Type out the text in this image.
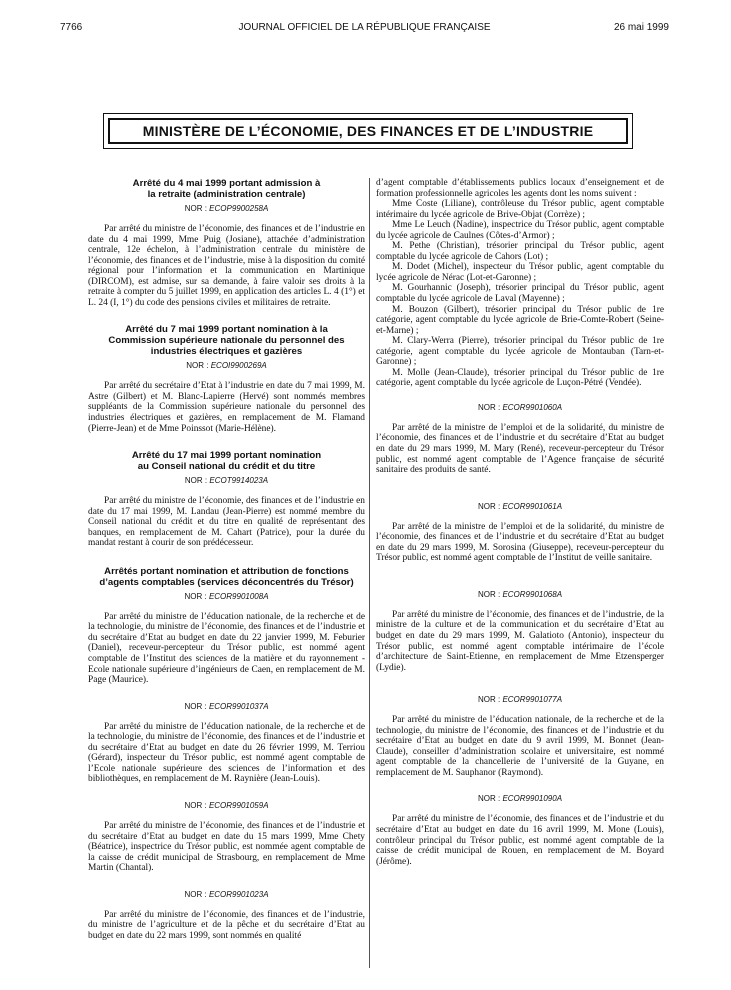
7766	JOURNAL OFFICIEL DE LA RÉPUBLIQUE FRANÇAISE	26 mai 1999
MINISTÈRE DE L’ÉCONOMIE, DES FINANCES ET DE L’INDUSTRIE
Arrêté du 4 mai 1999 portant admission à la retraite (administration centrale)
NOR : ECOP9900258A

Par arrêté du ministre de l’économie, des finances et de l’industrie en date du 4 mai 1999, Mme Puig (Josiane), attachée d’administration centrale, 12e échelon, à l’administration centrale du ministère de l’économie, des finances et de l’industrie, mise à la disposition du comité régional pour l’information et la communication en Martinique (DIRCOM), est admise, sur sa demande, à faire valoir ses droits à la retraite à compter du 5 juillet 1999, en application des articles L. 4 (1°) et L. 24 (I, 1°) du code des pensions civiles et militaires de retraite.

Arrêté du 7 mai 1999 portant nomination à la Commission supérieure nationale du personnel des industries électriques et gazières
NOR : ECOI9900269A

Par arrêté du secrétaire d’Etat à l’industrie en date du 7 mai 1999, M. Astre (Gilbert) et M. Blanc-Lapierre (Hervé) sont nommés membres suppléants de la Commission supérieure nationale du personnel des industries électriques et gazières, en remplacement de M. Flamand (Pierre-Jean) et de Mme Poinssot (Marie-Hélène).

Arrêté du 17 mai 1999 portant nomination au Conseil national du crédit et du titre
NOR : ECOT9914023A

Par arrêté du ministre de l’économie, des finances et de l’industrie en date du 17 mai 1999, M. Landau (Jean-Pierre) est nommé membre du Conseil national du crédit et du titre en qualité de représentant des banques, en remplacement de M. Cahart (Patrice), pour la durée du mandat restant à courir de son prédécesseur.

Arrêtés portant nomination et attribution de fonctions d’agents comptables (services déconcentrés du Trésor)
NOR : ECOR9901008A

Par arrêté du ministre de l’éducation nationale, de la recherche et de la technologie, du ministre de l’économie, des finances et de l’industrie et du secrétaire d’Etat au budget en date du 22 janvier 1999, M. Feburier (Daniel), receveur-percepteur du Trésor public, est nommé agent comptable de l’Institut des sciences de la matière et du rayonnement - Ecole nationale supérieure d’ingénieurs de Caen, en remplacement de M. Page (Maurice).

NOR : ECOR9901037A

Par arrêté du ministre de l’éducation nationale, de la recherche et de la technologie, du ministre de l’économie, des finances et de l’industrie et du secrétaire d’Etat au budget en date du 26 février 1999, M. Terriou (Gérard), inspecteur du Trésor public, est nommé agent comptable de l’Ecole nationale supérieure des sciences de l’information et des bibliothèques, en remplacement de M. Raynière (Jean-Louis).

NOR : ECOR9901059A

Par arrêté du ministre de l’économie, des finances et de l’industrie et du secrétaire d’Etat au budget en date du 15 mars 1999, Mme Chety (Béatrice), inspectrice du Trésor public, est nommée agent comptable de la caisse de crédit municipal de Strasbourg, en remplacement de Mme Martin (Chantal).

NOR : ECOR9901023A

Par arrêté du ministre de l’économie, des finances et de l’industrie, du ministre de l’agriculture et de la pêche et du secrétaire d’Etat au budget en date du 22 mars 1999, sont nommés en qualité

d’agent comptable d’établissements publics locaux d’enseignement et de formation professionnelle agricoles les agents dont les noms suivent :

Mme Coste (Liliane), contrôleuse du Trésor public, agent comptable intérimaire du lycée agricole de Brive-Objat (Corrèze) ;

Mme Le Leuch (Nadine), inspectrice du Trésor public, agent comptable du lycée agricole de Caulnes (Côtes-d’Armor) ;

M. Pethe (Christian), trésorier principal du Trésor public, agent comptable du lycée agricole de Cahors (Lot) ;

M. Dodet (Michel), inspecteur du Trésor public, agent comptable du lycée agricole de Nérac (Lot-et-Garonne) ;

M. Gourhannic (Joseph), trésorier principal du Trésor public, agent comptable du lycée agricole de Laval (Mayenne) ;

M. Bouzon (Gilbert), trésorier principal du Trésor public de 1re catégorie, agent comptable du lycée agricole de Brie-Comte-Robert (Seine-et-Marne) ;

M. Clary-Werra (Pierre), trésorier principal du Trésor public de 1re catégorie, agent comptable du lycée agricole de Montauban (Tarn-et-Garonne) ;

M. Molle (Jean-Claude), trésorier principal du Trésor public de 1re catégorie, agent comptable du lycée agricole de Luçon-Pétré (Vendée).

NOR : ECOR9901060A

Par arrêté de la ministre de l’emploi et de la solidarité, du ministre de l’économie, des finances et de l’industrie et du secrétaire d’Etat au budget en date du 29 mars 1999, M. Mary (René), receveur-percepteur du Trésor public, est nommé agent comptable de l’Agence française de sécurité sanitaire des produits de santé.

NOR : ECOR9901061A

Par arrêté de la ministre de l’emploi et de la solidarité, du ministre de l’économie, des finances et de l’industrie et du secrétaire d’Etat au budget en date du 29 mars 1999, M. Sorosina (Giuseppe), receveur-percepteur du Trésor public, est nommé agent comptable de l’Institut de veille sanitaire.

NOR : ECOR9901068A

Par arrêté du ministre de l’économie, des finances et de l’industrie, de la ministre de la culture et de la communication et du secrétaire d’Etat au budget en date du 29 mars 1999, M. Galatioto (Antonio), inspecteur du Trésor public, est nommé agent comptable intérimaire de l’école d’architecture de Saint-Etienne, en remplacement de Mme Etzensperger (Lydie).

NOR : ECOR9901077A

Par arrêté du ministre de l’éducation nationale, de la recherche et de la technologie, du ministre de l’économie, des finances et de l’industrie et du secrétaire d’Etat au budget en date du 9 avril 1999, M. Bonnet (Jean-Claude), conseiller d’administration scolaire et universitaire, est nommé agent comptable de la chancellerie de l’université de la Guyane, en remplacement de M. Sauphanor (Raymond).

NOR : ECOR9901090A

Par arrêté du ministre de l’économie, des finances et de l’industrie et du secrétaire d’Etat au budget en date du 16 avril 1999, M. Mone (Louis), contrôleur principal du Trésor public, est nommé agent comptable de la caisse de crédit municipal de Rouen, en remplacement de M. Boyard (Jérôme).
